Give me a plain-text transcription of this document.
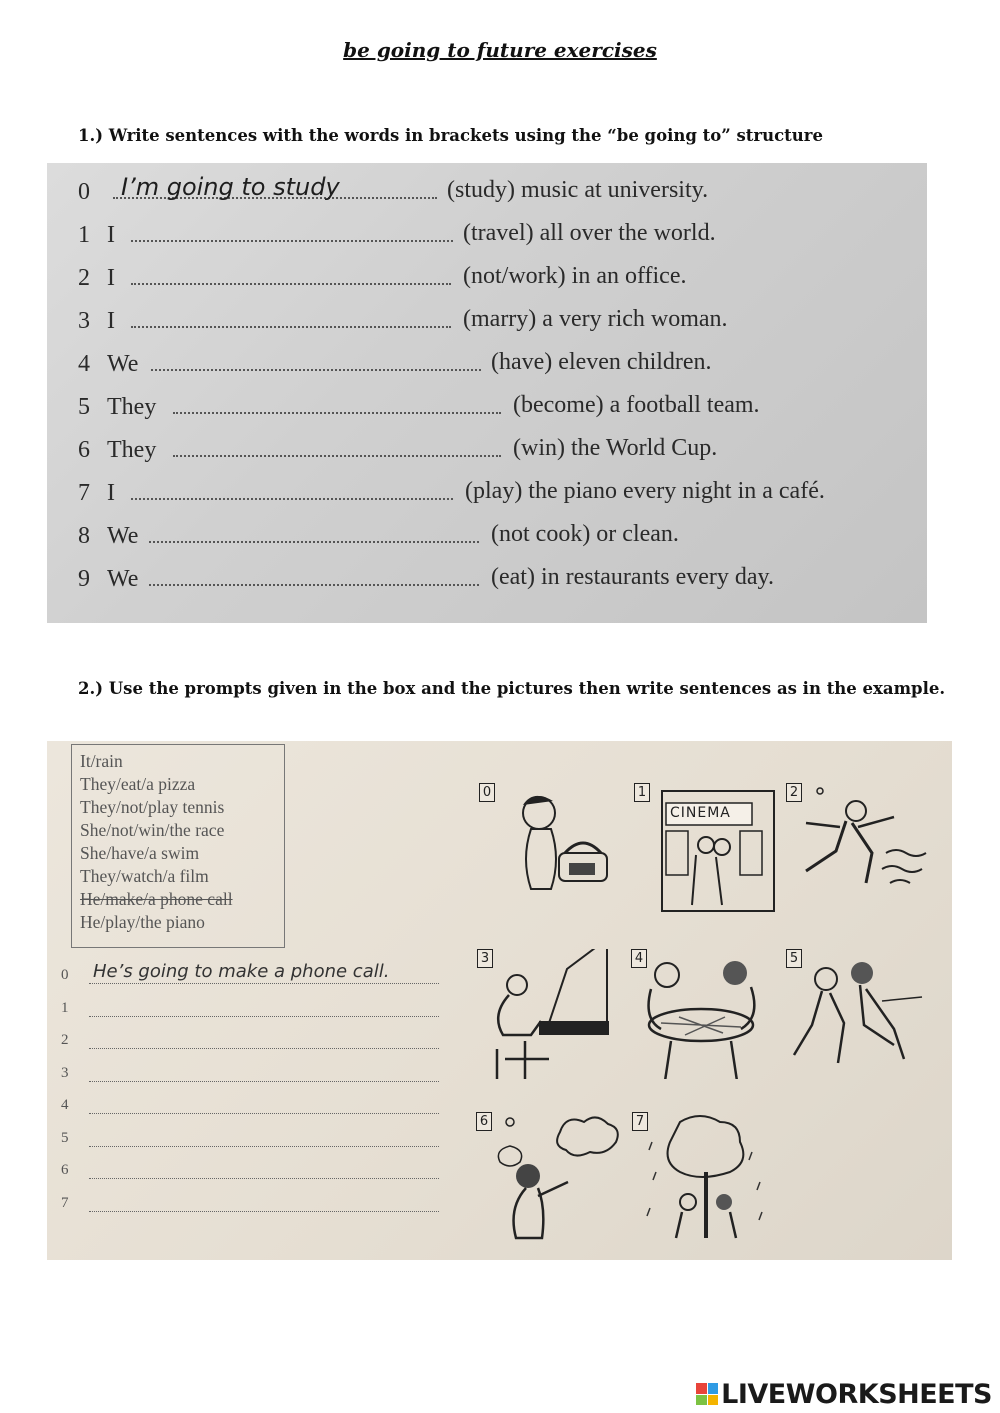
be going to future exercises
1.) Write sentences with the words in brackets using the “be going to” structure
0 I’m going to study	(study) music at university.
1 I	(travel) all over the world.
2 I	(not/work) in an office.
3 I	(marry) a very rich woman.
4 We	(have) eleven children.
5 They	(become) a football team.
6 They	(win) the World Cup.
7 I	(play) the piano every night in a café.
8 We	(not cook) or clean.
9 We	(eat) in restaurants every day.
2.) Use the prompts given in the box and the pictures then write sentences as in the example.
It/rain
They/eat/a pizza
They/not/play tennis
She/not/win/the race
She/have/a swim
They/watch/a film
He/make/a phone call
He/play/the piano
0 He’s going to make a phone call.
1
2
3
4
5
6
7
0
CINEMA
1	2
3	4	5
6	7
LIVEWORKSHEETS
